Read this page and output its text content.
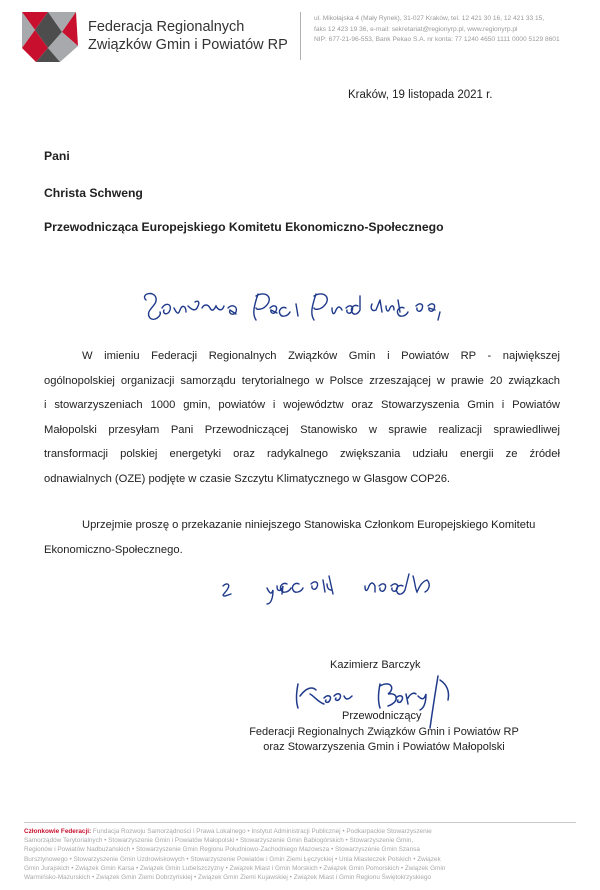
Federacja Regionalnych
Związków Gmin i Powiatów RP
ul. Mikołajska 4 (Mały Rynek), 31-027 Kraków, tel. 12 421 30 16, 12 421 33 15,
faks 12 423 19 36, e-mail: sekretariat@regionyrp.pl, www.regionyrp.pl
NIP: 677-21-96-553, Bank Pekao S.A. nr konta: 77 1240 4650 1111 0000 5129 8601
Kraków, 19 listopada 2021 r.
Pani
Christa Schweng
Przewodnicząca Europejskiego Komitetu Ekonomiczno-Społecznego
W imieniu Federacji Regionalnych Związków Gmin i Powiatów RP - największej
ogólnopolskiej organizacji samorządu terytorialnego w Polsce zrzeszającej w prawie 20 związkach
i stowarzyszeniach 1000 gmin, powiatów i województw oraz Stowarzyszenia Gmin i Powiatów
Małopolski przesyłam Pani Przewodniczącej Stanowisko w sprawie realizacji sprawiedliwej
transformacji polskiej energetyki oraz radykalnego zwiększania udziału energii ze źródeł
odnawialnych (OZE) podjęte w czasie Szczytu Klimatycznego w Glasgow COP26.
Uprzejmie proszę o przekazanie niniejszego Stanowiska Członkom Europejskiego Komitetu
Ekonomiczno-Społecznego.
Kazimierz Barczyk
Przewodniczący
Federacji Regionalnych Związków Gmin i Powiatów RP
oraz Stowarzyszenia Gmin i Powiatów Małopolski
Członkowie Federacji: Fundacja Rozwoju Samorządności i Prawa Lokalnego • Instytut Administracji Publicznej • Podkarpackie Stowarzyszenie
Samorządów Terytorialnych • Stowarzyszenie Gmin i Powiatów Małopolski • Stowarzyszenie Gmin Babiogórskich • Stowarzyszenie Gmin,
Regionów i Powiatów Nadbużańskich • Stowarzyszenie Gmin Regionu Południowo-Zachodniego Mazowsza • Stowarzyszenie Gmin Szansa
Bursztynowego • Stowarzyszenie Gmin Uzdrowiskowych • Stowarzyszenie Powiatów i Gmin Ziemi Łęczyckiej • Unia Miasteczek Polskich • Związek
Gmin Jurajskich • Związek Gmin Karsa • Związek Gmin Lubelszczyzny • Związek Miast i Gmin Morskich • Związek Gmin Pomorskich • Związek Gmin
Warmińsko-Mazurskich • Związek Gmin Ziemi Dobrzyńskiej • Związek Gmin Ziemi Kujawskiej • Związek Miast i Gmin Regionu Świętokrzyskiego
